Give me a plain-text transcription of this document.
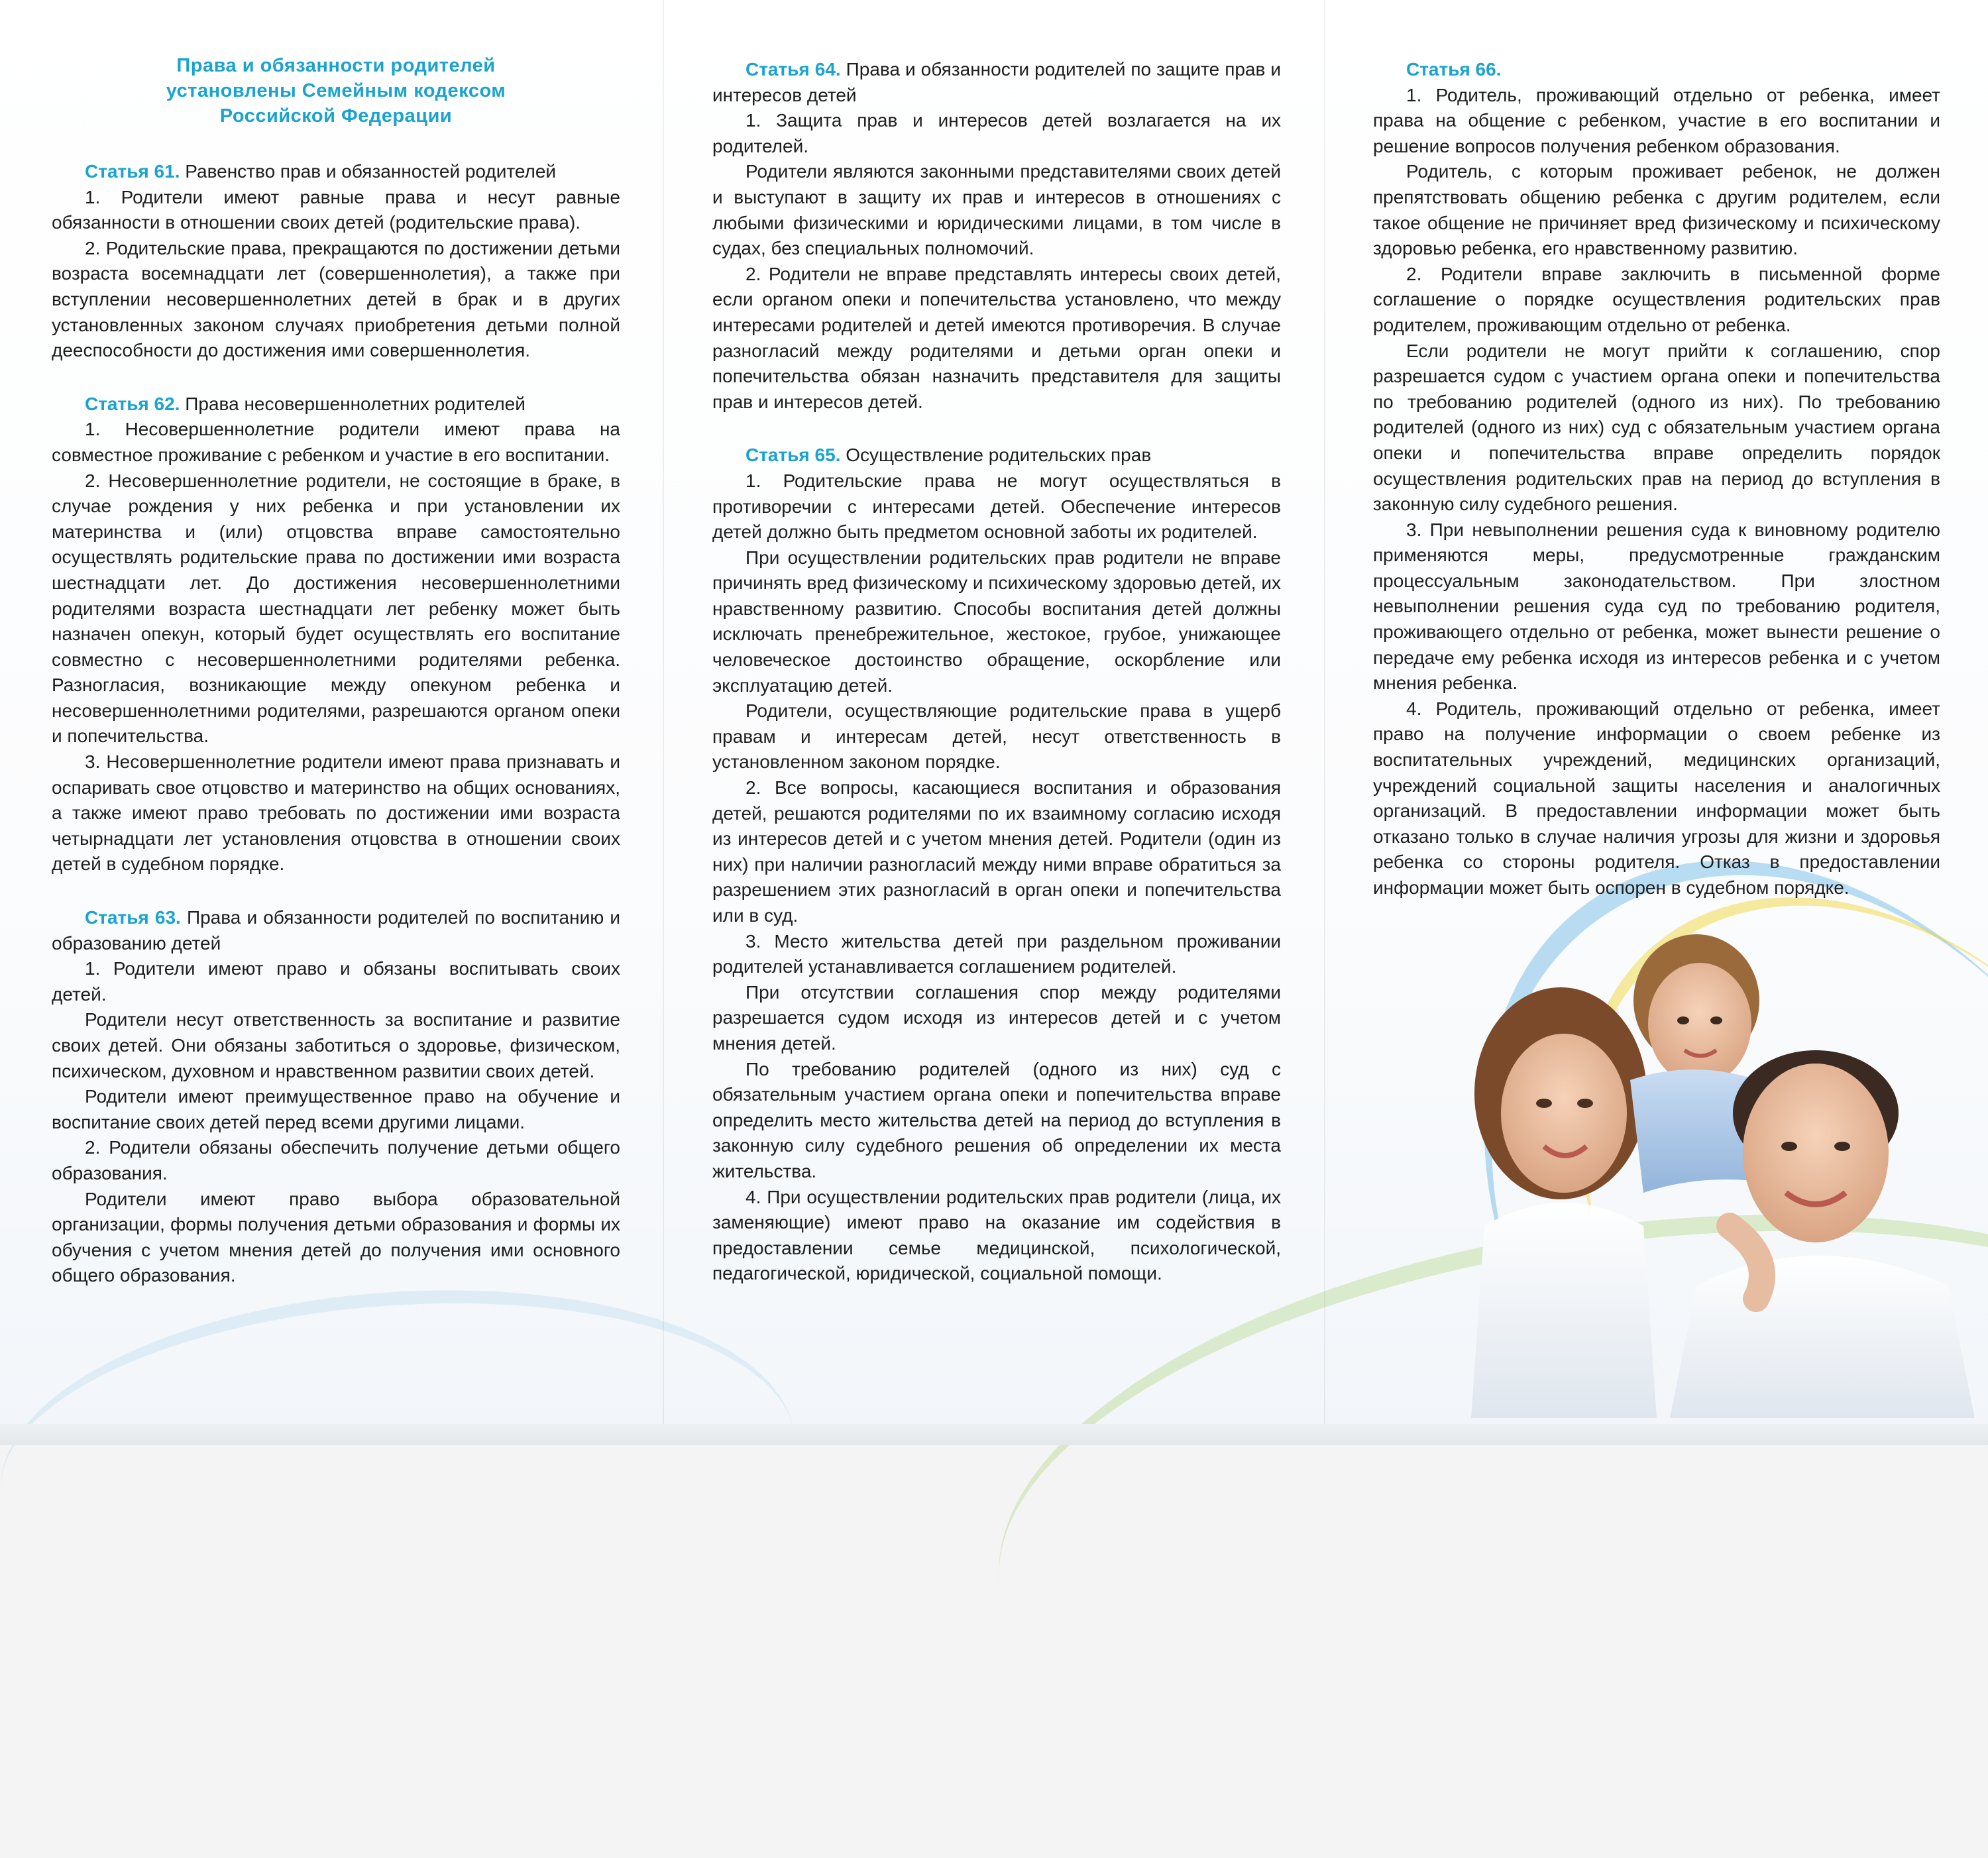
Права и обязанности родителей
установлены Семейным кодексом
Российской Федерации

Статья 61. Равенство прав и обязанностей родителей

1. Родители имеют равные права и несут равные обязанности в отношении своих детей (родительские права).

2. Родительские права, прекращаются по достижении детьми возраста восемнадцати лет (совершеннолетия), а также при вступлении несовершеннолетних детей в брак и в других установленных законом случаях приобретения детьми полной дееспособности до достижения ими совершеннолетия.

Статья 62. Права несовершеннолетних родителей

1. Несовершеннолетние родители имеют права на совместное проживание с ребенком и участие в его воспитании.

2. Несовершеннолетние родители, не состоящие в браке, в случае рождения у них ребенка и при установлении их материнства и (или) отцовства вправе самостоятельно осуществлять родительские права по достижении ими возраста шестнадцати лет. До достижения несовершеннолетними родителями возраста шестнадцати лет ребенку может быть назначен опекун, который будет осуществлять его воспитание совместно с несовершеннолетними родителями ребенка. Разногласия, возникающие между опекуном ребенка и несовершеннолетними родителями, разрешаются органом опеки и попечительства.

3. Несовершеннолетние родители имеют права признавать и оспаривать свое отцовство и материнство на общих основаниях, а также имеют право требовать по достижении ими возраста четырнадцати лет установления отцовства в отношении своих детей в судебном порядке.

Статья 63. Права и обязанности родителей по воспитанию и образованию детей

1. Родители имеют право и обязаны воспитывать своих детей.

Родители несут ответственность за воспитание и развитие своих детей. Они обязаны заботиться о здоровье, физическом, психическом, духовном и нравственном развитии своих детей.

Родители имеют преимущественное право на обучение и воспитание своих детей перед всеми другими лицами.

2. Родители обязаны обеспечить получение детьми общего образования.

Родители имеют право выбора образовательной организации, формы получения детьми образования и формы их обучения с учетом мнения детей до получения ими основного общего образования.

Статья 64. Права и обязанности родителей по защите прав и интересов детей

1. Защита прав и интересов детей возлагается на их родителей.

Родители являются законными представителями своих детей и выступают в защиту их прав и интересов в отношениях с любыми физическими и юридическими лицами, в том числе в судах, без специальных полномочий.

2. Родители не вправе представлять интересы своих детей, если органом опеки и попечительства установлено, что между интересами родителей и детей имеются противоречия. В случае разногласий между родителями и детьми орган опеки и попечительства обязан назначить представителя для защиты прав и интересов детей.

Статья 65. Осуществление родительских прав

1. Родительские права не могут осуществляться в противоречии с интересами детей. Обеспечение интересов детей должно быть предметом основной заботы их родителей.

При осуществлении родительских прав родители не вправе причинять вред физическому и психическому здоровью детей, их нравственному развитию. Способы воспитания детей должны исключать пренебрежительное, жестокое, грубое, унижающее человеческое достоинство обращение, оскорбление или эксплуатацию детей.

Родители, осуществляющие родительские права в ущерб правам и интересам детей, несут ответственность в установленном законом порядке.

2. Все вопросы, касающиеся воспитания и образования детей, решаются родителями по их взаимному согласию исходя из интересов детей и с учетом мнения детей. Родители (один из них) при наличии разногласий между ними вправе обратиться за разрешением этих разногласий в орган опеки и попечительства или в суд.

3. Место жительства детей при раздельном проживании родителей устанавливается соглашением родителей.

При отсутствии соглашения спор между родителями разрешается судом исходя из интересов детей и с учетом мнения детей.

По требованию родителей (одного из них) суд с обязательным участием органа опеки и попечительства вправе определить место жительства детей на период до вступления в законную силу судебного решения об определении их места жительства.

4. При осуществлении родительских прав родители (лица, их заменяющие) имеют право на оказание им содействия в предоставлении семье медицинской, психологической, педагогической, юридической, социальной помощи.

Статья 66.

1. Родитель, проживающий отдельно от ребенка, имеет права на общение с ребенком, участие в его воспитании и решение вопросов получения ребенком образования.

Родитель, с которым проживает ребенок, не должен препятствовать общению ребенка с другим родителем, если такое общение не причиняет вред физическому и психическому здоровью ребенка, его нравственному развитию.

2. Родители вправе заключить в письменной форме соглашение о порядке осуществления родительских прав родителем, проживающим отдельно от ребенка.

Если родители не могут прийти к соглашению, спор разрешается судом с участием органа опеки и попечительства по требованию родителей (одного из них). По требованию родителей (одного из них) суд с обязательным участием органа опеки и попечительства вправе определить порядок осуществления родительских прав на период до вступления в законную силу судебного решения.

3. При невыполнении решения суда к виновному родителю применяются меры, предусмотренные гражданским процессуальным законодательством. При злостном невыполнении решения суда суд по требованию родителя, проживающего отдельно от ребенка, может вынести решение о передаче ему ребенка исходя из интересов ребенка и с учетом мнения ребенка.

4. Родитель, проживающий отдельно от ребенка, имеет право на получение информации о своем ребенке из воспитательных учреждений, медицинских организаций, учреждений социальной защиты населения и аналогичных организаций. В предоставлении информации может быть отказано только в случае наличия угрозы для жизни и здоровья ребенка со стороны родителя. Отказ в предоставлении информации может быть оспорен в судебном порядке.
